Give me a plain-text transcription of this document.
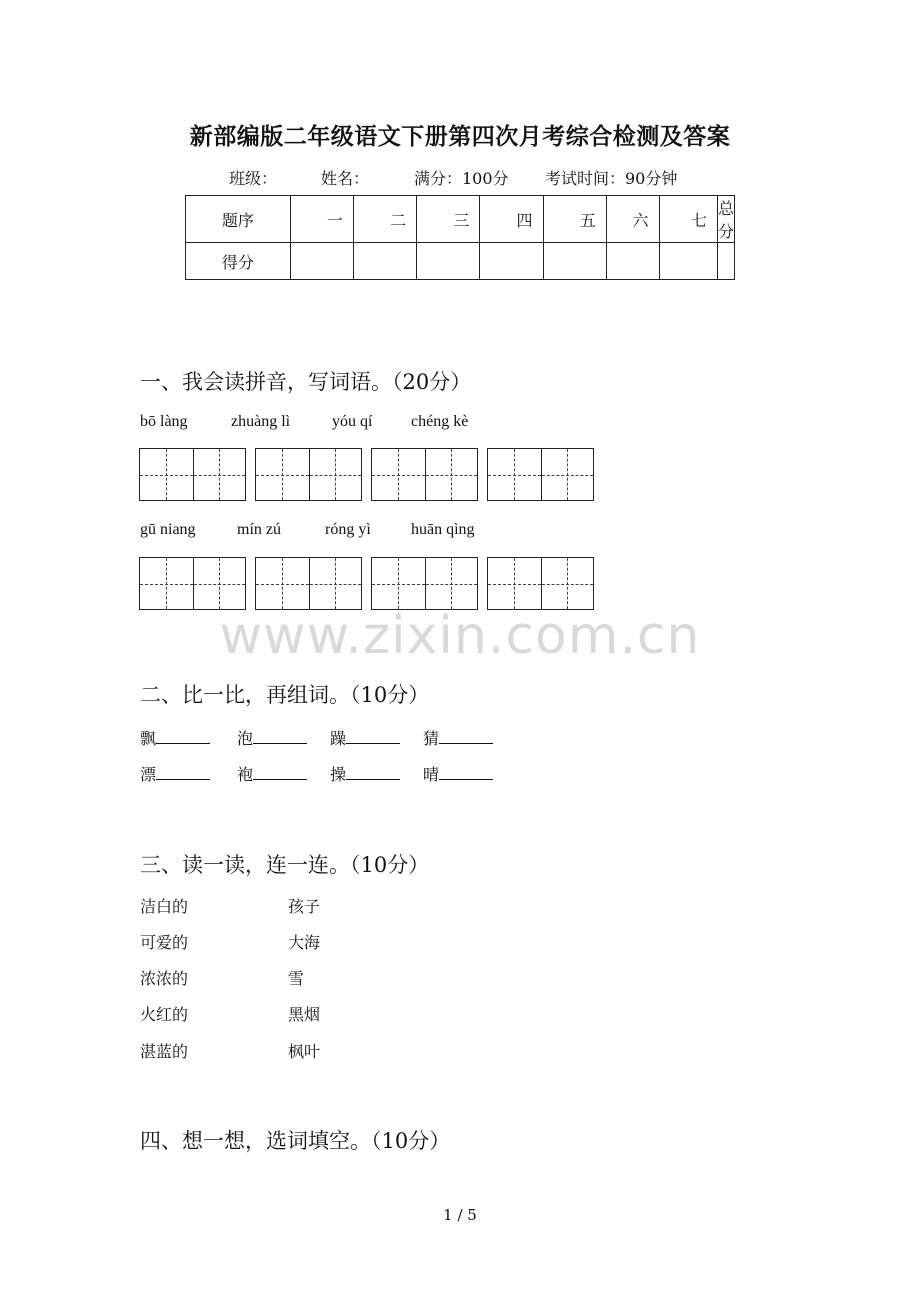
新部编版二年级语文下册第四次月考综合检测及答案
班级：	姓名：	满分：100分 考试时间：90分钟
题序	一	二	三	四	五	六	七	总分
得分								
一、我会读拼音，写词语。（20分）
bō làng	zhuàng lì	yóu qí chéng kè
gū niang	mín zú	róng yì	huān qìng
www.zixin.com.cn
二、比一比，再组词。（10分）
飘	泡	躁	猜
漂	袍	操	晴
三、读一读，连一连。（10分）
洁白的	孩子
可爱的	大海
浓浓的	雪
火红的	黑烟
湛蓝的	枫叶
四、想一想，选词填空。（10分）
1 / 5
